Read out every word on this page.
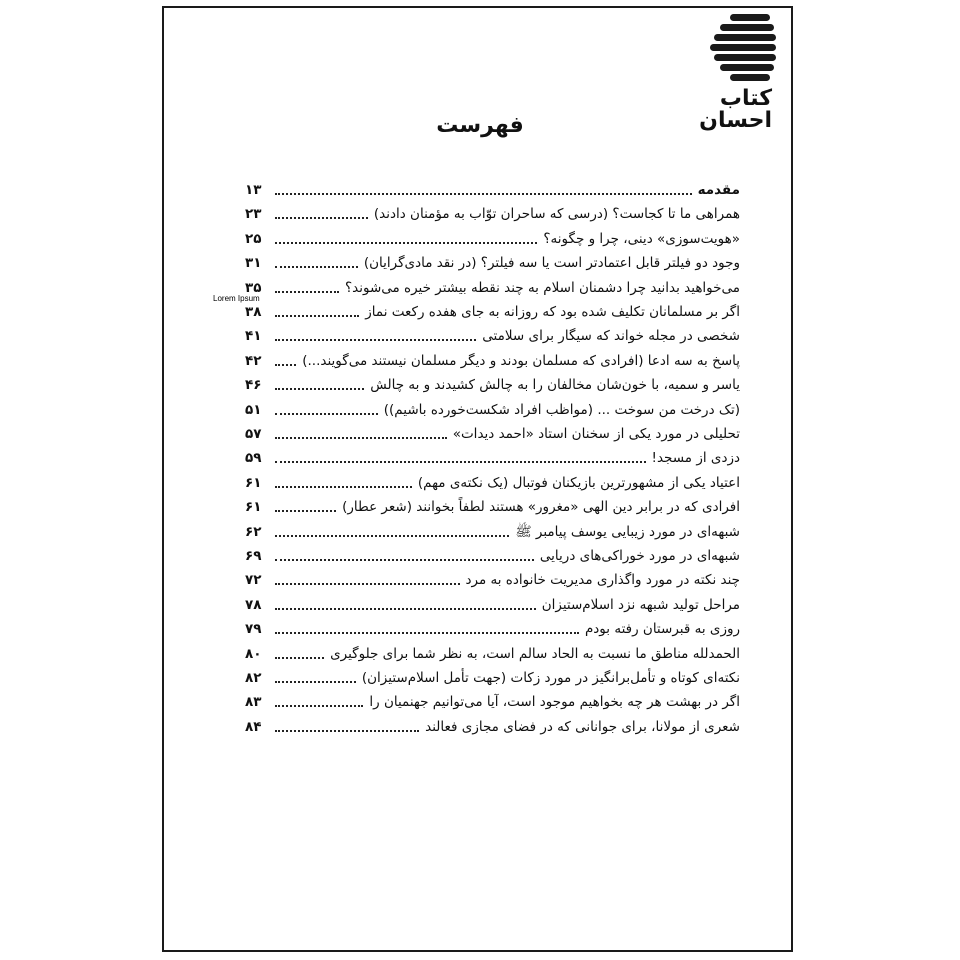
کتاب
احسان
فهرست
Lorem Ipsum
مقدمه
۱۳
همراهی ما تا کجاست؟ (درسی که ساحران توّاب به مؤمنان دادند)
۲۳
«هویت‌سوزی» دینی، چرا و چگونه؟
۲۵
وجود دو فیلتر قابل اعتمادتر است یا سه فیلتر؟ (در نقد مادی‌گرایان)
۳۱
می‌خواهید بدانید چرا دشمنان اسلام به چند نقطه بیشتر خیره می‌شوند؟
۳۵
اگر بر مسلمانان تکلیف شده بود که روزانه به جای هفده رکعت نماز
۳۸
شخصی در مجله خواند که سیگار برای سلامتی
۴۱
پاسخ به سه ادعا (افرادی که مسلمان بودند و دیگر مسلمان نیستند می‌گویند...)
۴۲
یاسر و سمیه، با خون‌شان مخالفان را به چالش کشیدند و به چالش
۴۶
(تک درخت من سوخت ... (مواظب افراد شکست‌خورده باشیم))
۵۱
تحلیلی در مورد یکی از سخنان استاد «احمد دیدات»
۵۷
دزدی از مسجد!
۵۹
اعتیاد یکی از مشهورترین بازیکنان فوتبال (یک نکته‌ی مهم)
۶۱
افرادی که در برابر دین الهی «مغرور» هستند لطفاً بخوانند (شعر عطار)
۶۱
شبهه‌ای در مورد زیبایی یوسف پیامبر ﷺ
۶۲
شبهه‌ای در مورد خوراکی‌های دریایی
۶۹
چند نکته در مورد واگذاری مدیریت خانواده به مرد
۷۲
مراحل تولید شبهه نزد اسلام‌ستیزان
۷۸
روزی به قبرستان رفته بودم
۷۹
الحمدلله مناطق ما نسبت به الحاد سالم است، به نظر شما برای جلوگیری
۸۰
نکته‌ای کوتاه و تأمل‌برانگیز در مورد زکات (جهت تأمل اسلام‌ستیزان)
۸۲
اگر در بهشت هر چه بخواهیم موجود است، آیا می‌توانیم جهنمیان را
۸۳
شعری از مولانا، برای جوانانی که در فضای مجازی فعالند
۸۴
